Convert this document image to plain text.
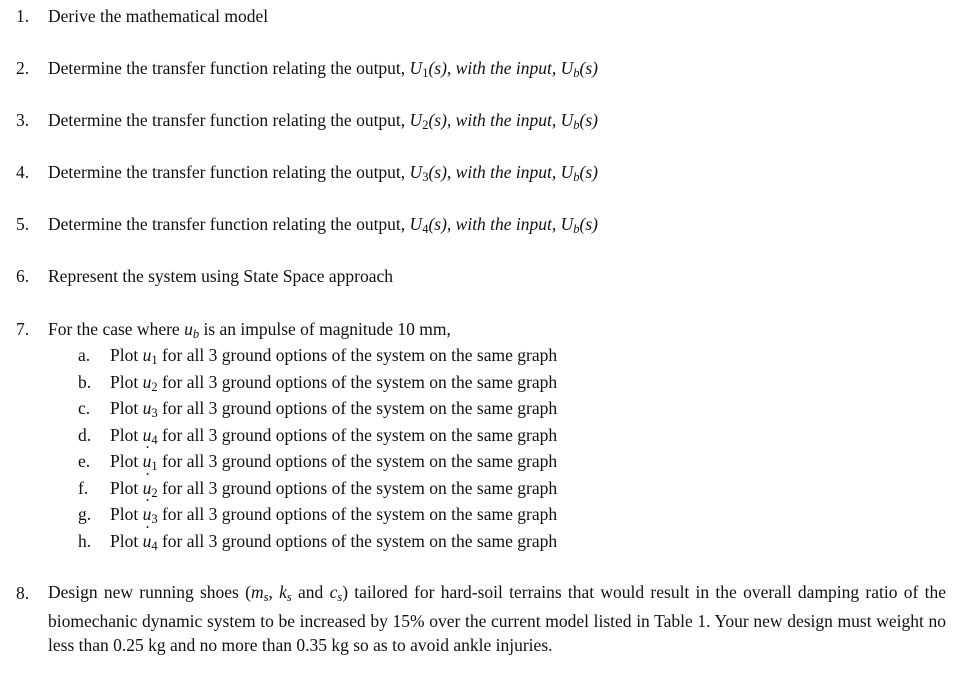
1. Derive the mathematical model
2. Determine the transfer function relating the output, $U_1(s)$, with the input, $U_b(s)$
3. Determine the transfer function relating the output, $U_2(s)$, with the input, $U_b(s)$
4. Determine the transfer function relating the output, $U_3(s)$, with the input, $U_b(s)$
5. Determine the transfer function relating the output, $U_4(s)$, with the input, $U_b(s)$
6. Represent the system using State Space approach
7. For the case where $u_b$ is an impulse of magnitude 10 mm,
a. Plot $u_1$ for all 3 ground options of the system on the same graph
b. Plot $u_2$ for all 3 ground options of the system on the same graph
c. Plot $u_3$ for all 3 ground options of the system on the same graph
d. Plot $u_4$ for all 3 ground options of the system on the same graph
e. Plot ˙ $u_1$ for all 3 ground options of the system on the same graph
f. Plot ˙ $u_2$ for all 3 ground options of the system on the same graph
g. Plot ˙ $u_3$ for all 3 ground options of the system on the same graph
h. Plot ˙ $u_4$ for all 3 ground options of the system on the same graph
8. Design new running shoes ($m_s$, $k_s$ and $c_s$) tailored for hard-soil terrains that would result in the overall damping ratio of the biomechanic dynamic system to be increased by 15% over the current model listed in Table 1. Your new design must weight no less than 0.25 kg and no more than 0.35 kg so as to avoid ankle injuries.
